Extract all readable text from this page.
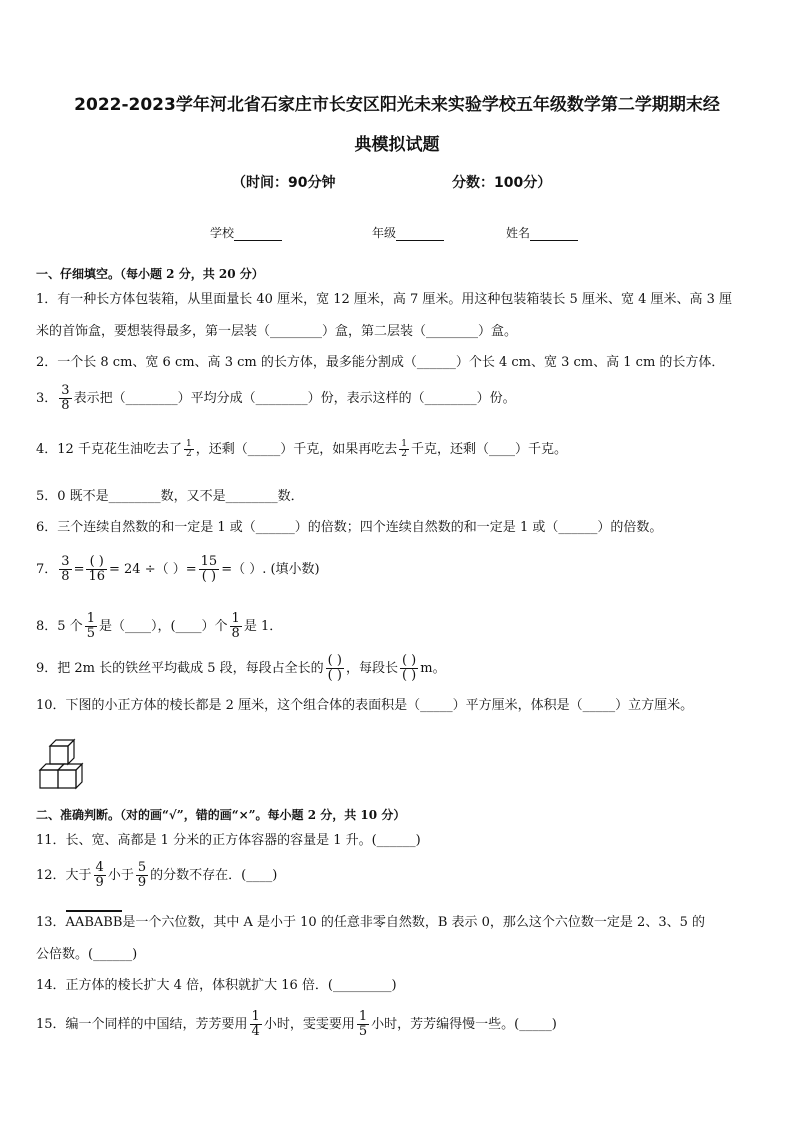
2022-2023学年河北省石家庄市长安区阳光未来实验学校五年级数学第二学期期末经
典模拟试题
（时间：90分钟	分数：100分）
学校	年级	姓名
一、仔细填空。（每小题 2 分，共 20 分）
1．有一种长方体包装箱，从里面量长 40 厘米，宽 12 厘米，高 7 厘米。用这种包装箱装长 5 厘米、宽 4 厘米、高 3 厘
米的首饰盒，要想装得最多，第一层装（________）盒，第二层装（________）盒。
2．一个长 8 cm、宽 6 cm、高 3 cm 的长方体，最多能分割成（______）个长 4 cm、宽 3 cm、高 1 cm 的长方体．
3． $\frac{3}{8}$ 表示把（________）平均分成（________）份，表示这样的（________）份。
4．12 千克花生油吃去了 $\frac{1}{2}$ ，还剩（_____）千克，如果再吃去 $\frac{1}{2}$ 千克，还剩（____）千克。
5．0 既不是________数，又不是________数．
6．三个连续自然数的和一定是 1 或（______）的倍数；四个连续自然数的和一定是 1 或（______）的倍数。
7． $\frac{3}{8} = \frac{( )}{16} = 24$ ÷（ ）= $\frac{15}{( )}$ =（ ）. (填小数)
8．5 个 $\frac{1}{5}$ 是（____），(____）个 $\frac{1}{8}$ 是 1．
9．把 2m 长的铁丝平均截成 5 段，每段占全长的 $\frac{( )}{( )}$ ，每段长 $\frac{( )}{( )}$ m。
10．下图的小正方体的棱长都是 2 厘米，这个组合体的表面积是（_____）平方厘米，体积是（_____）立方厘米。
二、准确判断。（对的画“√”，错的画“×”。每小题 2 分，共 10 分）
11．长、宽、高都是 1 分米的正方体容器的容量是 1 升。(______)
12．大于 $\frac{4}{9}$ 小于 $\frac{5}{9}$ 的分数不存在．(____)
13．AABABB是一个六位数，其中 A 是小于 10 的任意非零自然数，B 表示 0，那么这个六位数一定是 2、3、5 的
公倍数。(______)
14．正方体的棱长扩大 4 倍，体积就扩大 16 倍．(_________)
15．编一个同样的中国结，芳芳要用 $\frac{1}{4}$ 小时，雯雯要用 $\frac{1}{5}$ 小时，芳芳编得慢一些。(_____)
